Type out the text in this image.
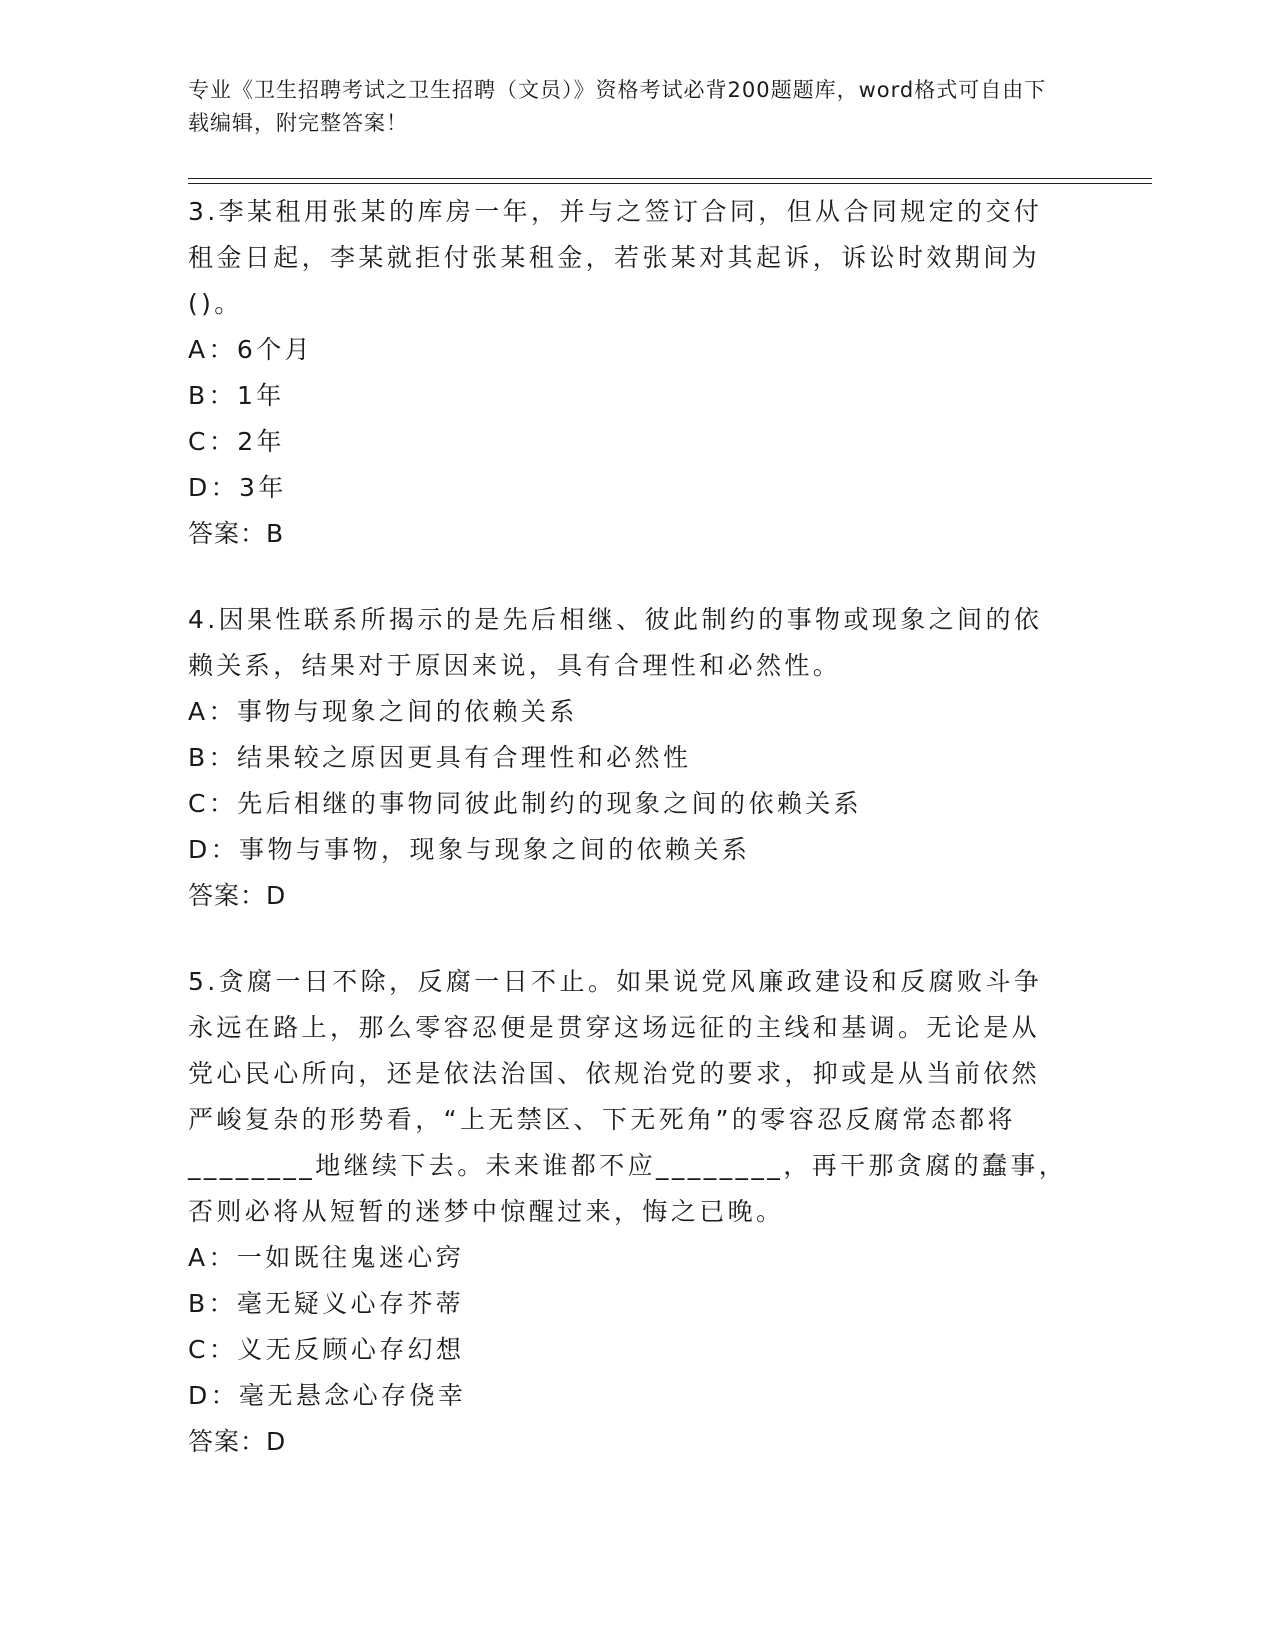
专业《卫生招聘考试之卫生招聘（文员）》资格考试必背200题题库，word格式可自由下载编辑，附完整答案！

3.李某租用张某的库房一年，并与之签订合同，但从合同规定的交付租金日起，李某就拒付张某租金，若张某对其起诉，诉讼时效期间为()。

A：6个月

B：1年

C：2年

D：3年

答案：B

4.因果性联系所揭示的是先后相继、彼此制约的事物或现象之间的依赖关系，结果对于原因来说，具有合理性和必然性。

A：事物与现象之间的依赖关系

B：结果较之原因更具有合理性和必然性

C：先后相继的事物同彼此制约的现象之间的依赖关系

D：事物与事物，现象与现象之间的依赖关系

答案：D

5.贪腐一日不除，反腐一日不止。如果说党风廉政建设和反腐败斗争永远在路上，那么零容忍便是贯穿这场远征的主线和基调。无论是从党心民心所向，还是依法治国、依规治党的要求，抑或是从当前依然严峻复杂的形势看，“上无禁区、下无死角”的零容忍反腐常态都将________地继续下去。未来谁都不应________，再干那贪腐的蠢事，否则必将从短暂的迷梦中惊醒过来，悔之已晚。

A：一如既往鬼迷心窍

B：毫无疑义心存芥蒂

C：义无反顾心存幻想

D：毫无悬念心存侥幸

答案：D
